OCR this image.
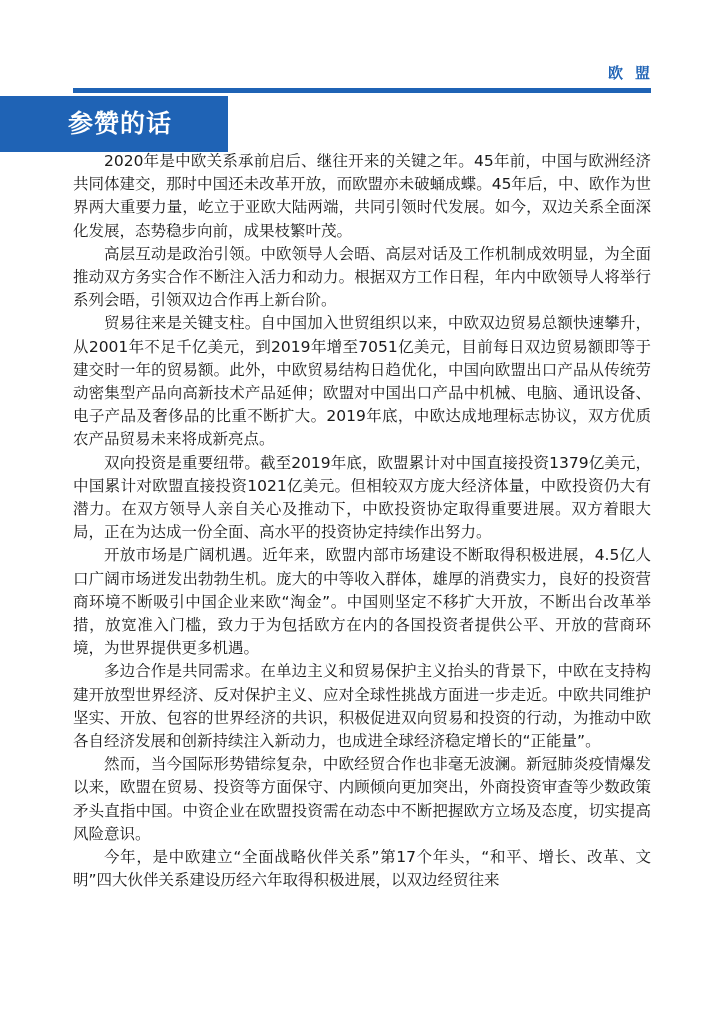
欧盟
参赞的话

2020年是中欧关系承前启后、继往开来的关键之年。45年前，中国与欧洲经济共同体建交，那时中国还未改革开放，而欧盟亦未破蛹成蝶。45年后，中、欧作为世界两大重要力量，屹立于亚欧大陆两端，共同引领时代发展。如今，双边关系全面深化发展，态势稳步向前，成果枝繁叶茂。

高层互动是政治引领。中欧领导人会晤、高层对话及工作机制成效明显，为全面推动双方务实合作不断注入活力和动力。根据双方工作日程，年内中欧领导人将举行系列会晤，引领双边合作再上新台阶。

贸易往来是关键支柱。自中国加入世贸组织以来，中欧双边贸易总额快速攀升，从2001年不足千亿美元，到2019年增至7051亿美元，目前每日双边贸易额即等于建交时一年的贸易额。此外，中欧贸易结构日趋优化，中国向欧盟出口产品从传统劳动密集型产品向高新技术产品延伸；欧盟对中国出口产品中机械、电脑、通讯设备、电子产品及奢侈品的比重不断扩大。2019年底，中欧达成地理标志协议，双方优质农产品贸易未来将成新亮点。

双向投资是重要纽带。截至2019年底，欧盟累计对中国直接投资1379亿美元，中国累计对欧盟直接投资1021亿美元。但相较双方庞大经济体量，中欧投资仍大有潜力。在双方领导人亲自关心及推动下，中欧投资协定取得重要进展。双方着眼大局，正在为达成一份全面、高水平的投资协定持续作出努力。

开放市场是广阔机遇。近年来，欧盟内部市场建设不断取得积极进展，4.5亿人口广阔市场迸发出勃勃生机。庞大的中等收入群体，雄厚的消费实力，良好的投资营商环境不断吸引中国企业来欧“淘金”。中国则坚定不移扩大开放，不断出台改革举措，放宽准入门槛，致力于为包括欧方在内的各国投资者提供公平、开放的营商环境，为世界提供更多机遇。

多边合作是共同需求。在单边主义和贸易保护主义抬头的背景下，中欧在支持构建开放型世界经济、反对保护主义、应对全球性挑战方面进一步走近。中欧共同维护坚实、开放、包容的世界经济的共识，积极促进双向贸易和投资的行动，为推动中欧各自经济发展和创新持续注入新动力，也成进全球经济稳定增长的“正能量”。

然而，当今国际形势错综复杂，中欧经贸合作也非毫无波澜。新冠肺炎疫情爆发以来，欧盟在贸易、投资等方面保守、内顾倾向更加突出，外商投资审查等少数政策矛头直指中国。中资企业在欧盟投资需在动态中不断把握欧方立场及态度，切实提高风险意识。

今年，是中欧建立“全面战略伙伴关系”第17个年头，“和平、增长、改革、文明”四大伙伴关系建设历经六年取得积极进展，以双边经贸往来
